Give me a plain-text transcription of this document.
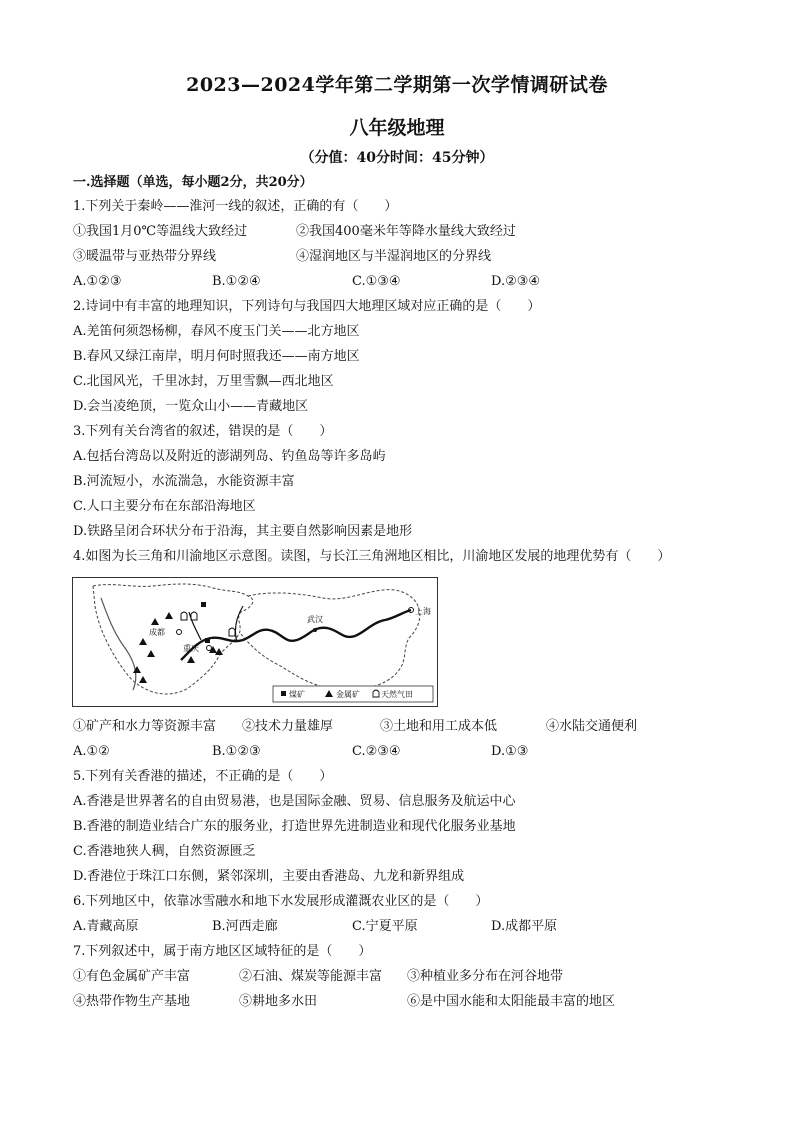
2023—2024学年第二学期第一次学情调研试卷
八年级地理
（分值：40分时间：45分钟）
一.选择题（单选，每小题2分，共20分）
1.下列关于秦岭——淮河一线的叙述，正确的有（　　）
①我国1月0℃等温线大致经过	②我国400毫米年等降水量线大致经过
③暖温带与亚热带分界线	④湿润地区与半湿润地区的分界线
A.①②③	B.①②④	C.①③④	D.②③④
2.诗词中有丰富的地理知识，下列诗句与我国四大地理区域对应正确的是（　　）
A.羌笛何须怨杨柳，春风不度玉门关——北方地区
B.春风又绿江南岸，明月何时照我还——南方地区
C.北国风光，千里冰封，万里雪飘—西北地区
D.会当凌绝顶，一览众山小——青藏地区
3.下列有关台湾省的叙述，错误的是（　　）
A.包括台湾岛以及附近的澎湖列岛、钓鱼岛等许多岛屿
B.河流短小，水流湍急，水能资源丰富
C.人口主要分布在东部沿海地区
D.铁路呈闭合环状分布于沿海，其主要自然影响因素是地形
4.如图为长三角和川渝地区示意图。读图，与长江三角洲地区相比，川渝地区发展的地理优势有（　　）
成都
重庆
武汉
上海
煤矿	金属矿	天然气田
①矿产和水力等资源丰富 ②技术力量雄厚	③土地和用工成本低	④水陆交通便利
A.①②	B.①②③	C.②③④	D.①③
5.下列有关香港的描述，不正确的是（　　）
A.香港是世界著名的自由贸易港，也是国际金融、贸易、信息服务及航运中心
B.香港的制造业结合广东的服务业，打造世界先进制造业和现代化服务业基地
C.香港地狭人稠，自然资源匮乏
D.香港位于珠江口东侧，紧邻深圳，主要由香港岛、九龙和新界组成
6.下列地区中，依靠冰雪融水和地下水发展形成灌溉农业区的是（　　）
A.青藏高原	B.河西走廊	C.宁夏平原	D.成都平原
7.下列叙述中，属于南方地区区域特征的是（　　）
①有色金属矿产丰富	②石油、煤炭等能源丰富 ③种植业多分布在河谷地带
④热带作物生产基地	⑤耕地多水田	⑥是中国水能和太阳能最丰富的地区
